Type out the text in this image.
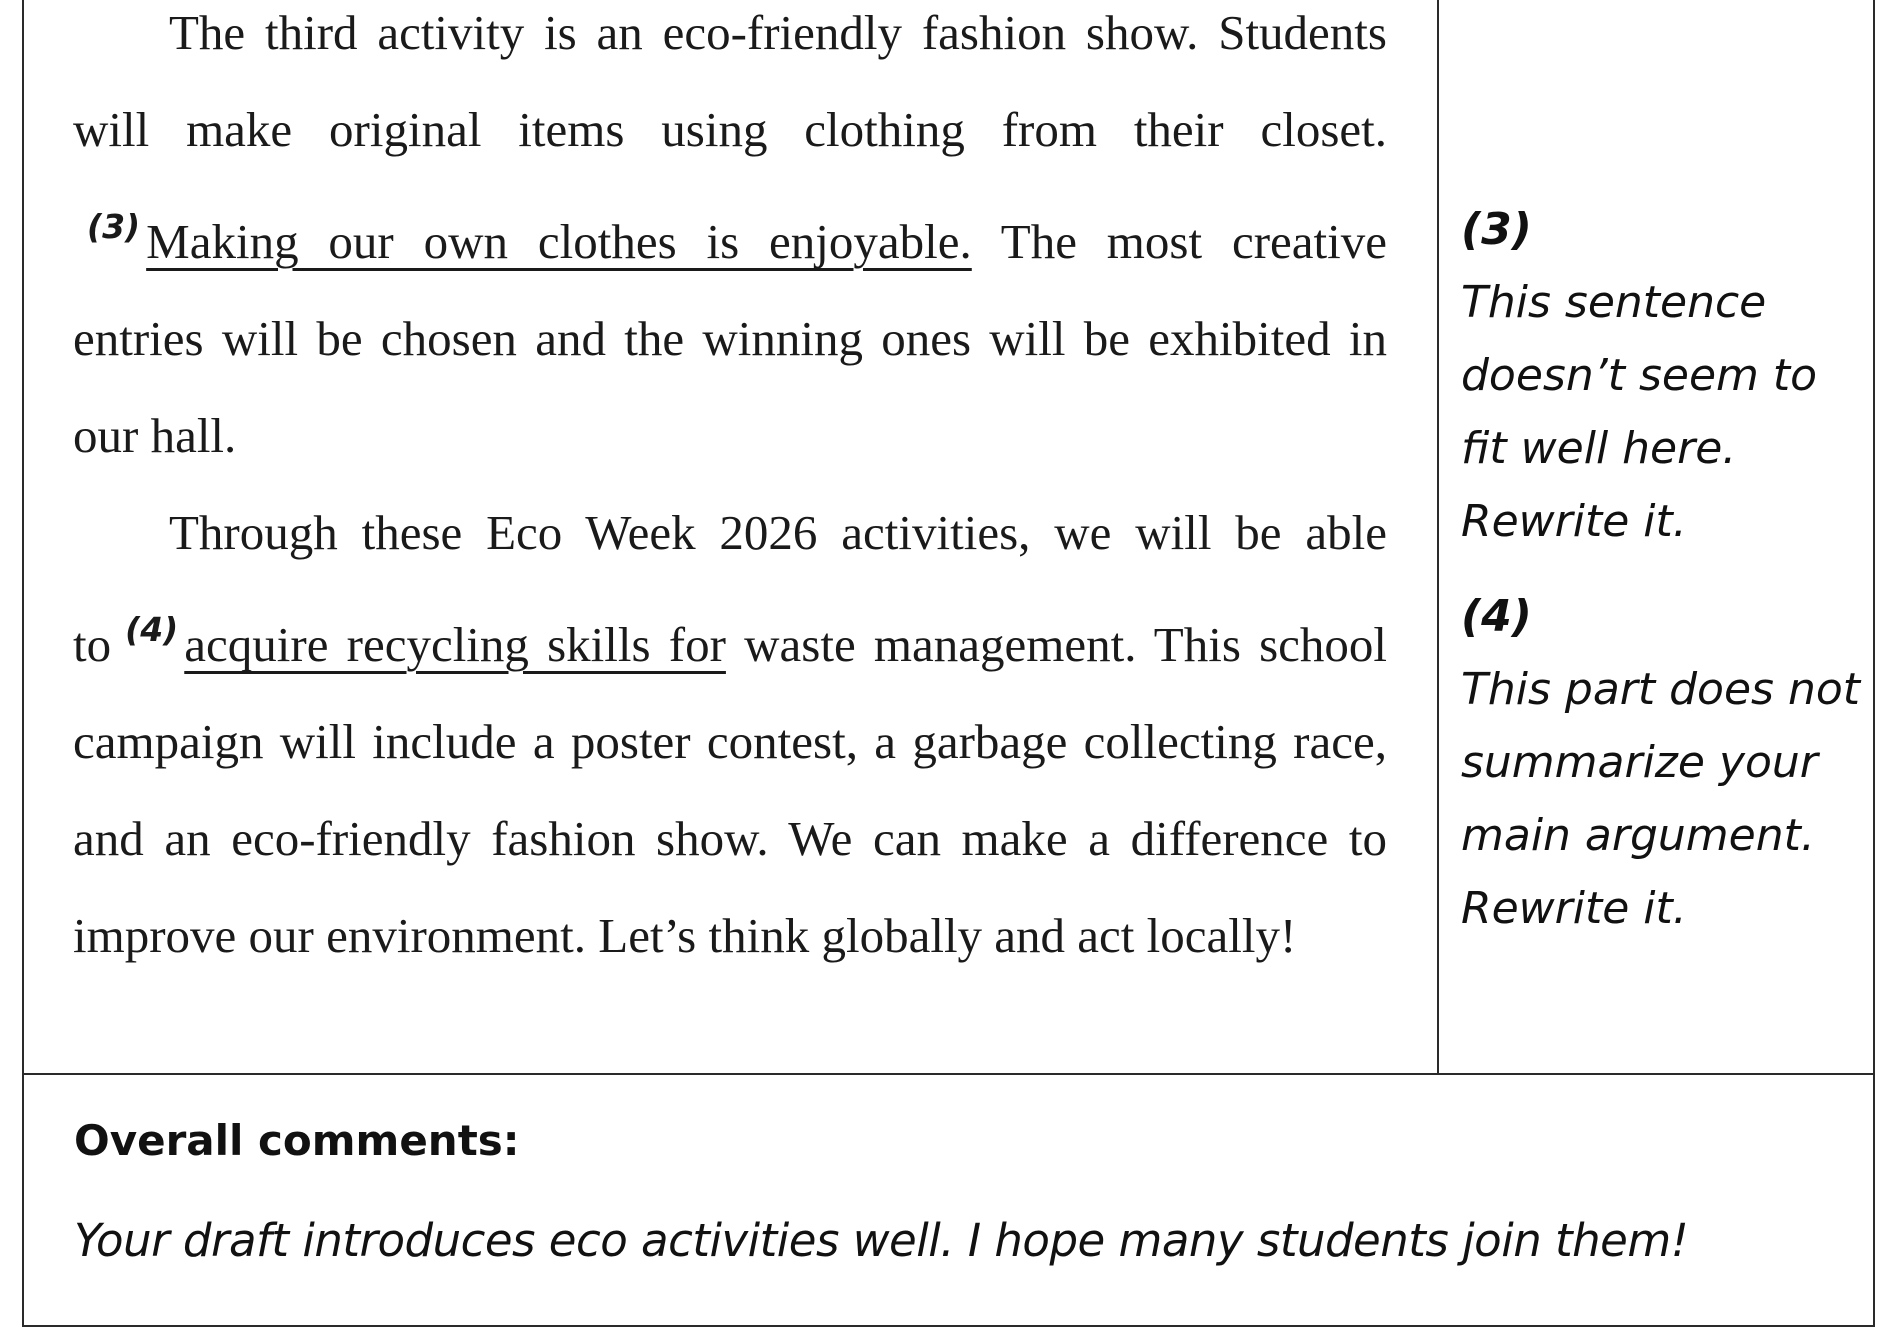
The third activity is an eco-friendly fashion show. Students will make original items using clothing from their closet.$^{(3)}$ Making our own clothes is enjoyable. The most creative entries will be chosen and the winning ones will be exhibited in our hall.

Through these Eco Week 2026 activities, we will be able to $^{(4)}$ acquire recycling skills for waste management. This school campaign will include a poster contest, a garbage collecting race, and an eco-friendly fashion show. We can make a difference to improve our environment. Let’s think globally and act locally!

(3)
This sentence doesn’t seem to fit well here. Rewrite it.
(4)
This part does not summarize your main argument. Rewrite it.
Overall comments:
Your draft introduces eco activities well. I hope many students join them!
